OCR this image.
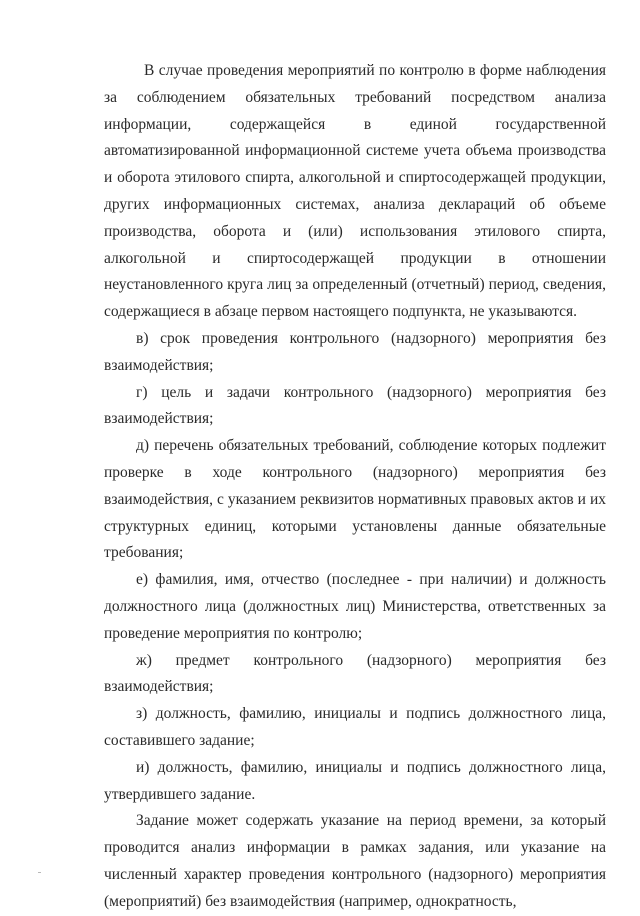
В случае проведения мероприятий по контролю в форме наблюдения за соблюдением обязательных требований посредством анализа информации, содержащейся в единой государственной автоматизированной информационной системе учета объема производства и оборота этилового спирта, алкогольной и спиртосодержащей продукции, других информационных системах, анализа деклараций об объеме производства, оборота и (или) использования этилового спирта, алкогольной и спиртосодержащей продукции в отношении неустановленного круга лиц за определенный (отчетный) период, сведения, содержащиеся в абзаце первом настоящего подпункта, не указываются.

в) срок проведения контрольного (надзорного) мероприятия без взаимодействия;

г) цель и задачи контрольного (надзорного) мероприятия без взаимодействия;

д) перечень обязательных требований, соблюдение которых подлежит проверке в ходе контрольного (надзорного) мероприятия без взаимодействия, с указанием реквизитов нормативных правовых актов и их структурных единиц, которыми установлены данные обязательные требования;

е) фамилия, имя, отчество (последнее - при наличии) и должность должностного лица (должностных лиц) Министерства, ответственных за проведение мероприятия по контролю;

ж) предмет контрольного (надзорного) мероприятия без взаимодействия;

з) должность, фамилию, инициалы и подпись должностного лица, составившего задание;

и) должность, фамилию, инициалы и подпись должностного лица, утвердившего задание.

Задание может содержать указание на период времени, за который проводится анализ информации в рамках задания, или указание на численный характер проведения контрольного (надзорного) мероприятия (мероприятий) без взаимодействия (например, однократность,
